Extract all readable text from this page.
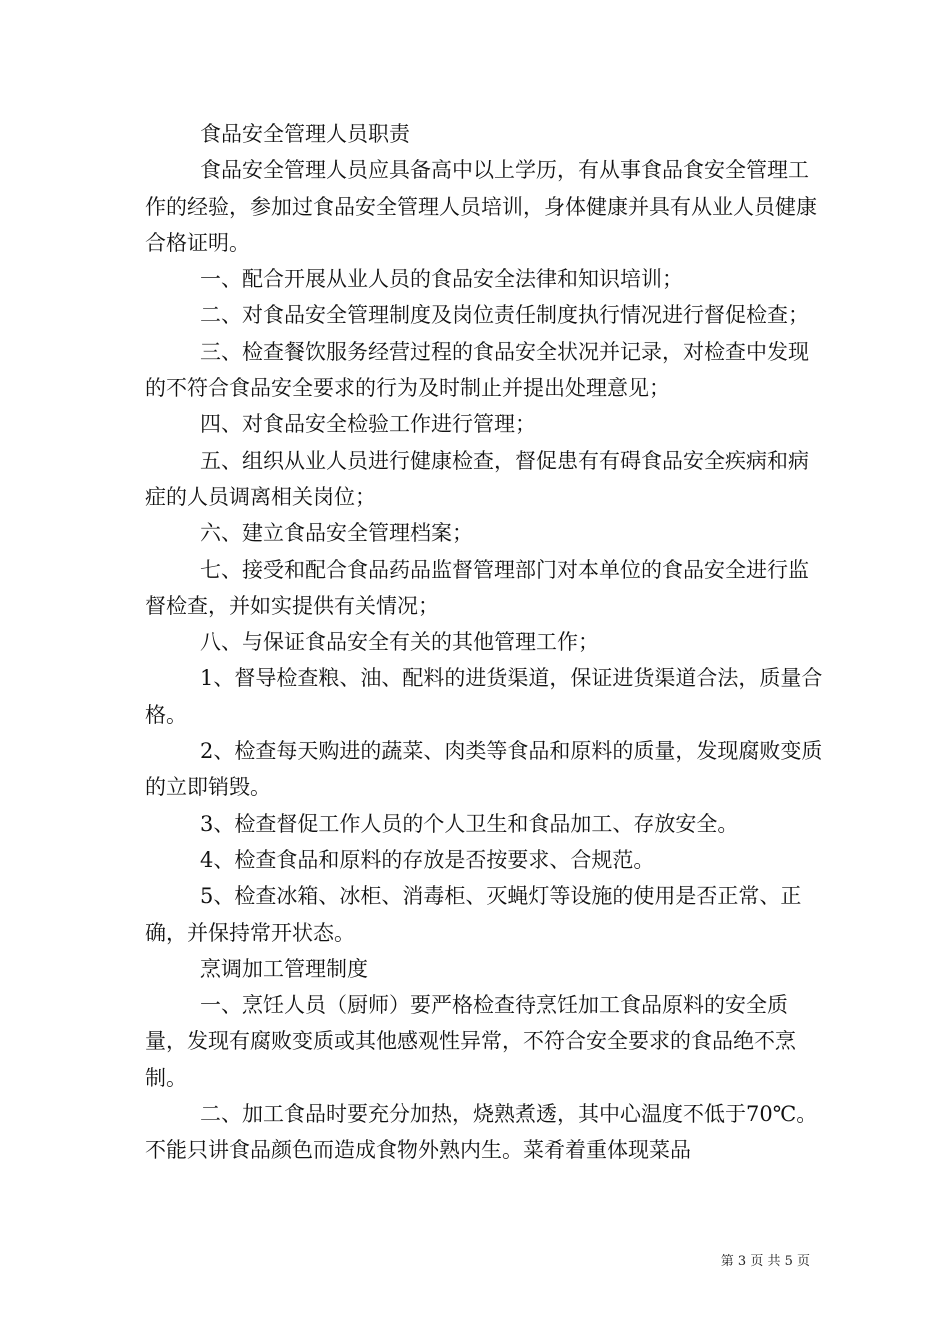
食品安全管理人员职责

食品安全管理人员应具备高中以上学历，有从事食品食安全管理工作的经验，参加过食品安全管理人员培训，身体健康并具有从业人员健康合格证明。

一、配合开展从业人员的食品安全法律和知识培训；

二、对食品安全管理制度及岗位责任制度执行情况进行督促检查；

三、检查餐饮服务经营过程的食品安全状况并记录，对检查中发现的不符合食品安全要求的行为及时制止并提出处理意见；

四、对食品安全检验工作进行管理；

五、组织从业人员进行健康检查，督促患有有碍食品安全疾病和病症的人员调离相关岗位；

六、建立食品安全管理档案；

七、接受和配合食品药品监督管理部门对本单位的食品安全进行监督检查，并如实提供有关情况；

八、与保证食品安全有关的其他管理工作；

1、督导检查粮、油、配料的进货渠道，保证进货渠道合法，质量合格。

2、检查每天购进的蔬菜、肉类等食品和原料的质量，发现腐败变质的立即销毁。

3、检查督促工作人员的个人卫生和食品加工、存放安全。

4、检查食品和原料的存放是否按要求、合规范。

5、检查冰箱、冰柜、消毒柜、灭蝇灯等设施的使用是否正常、正确，并保持常开状态。

烹调加工管理制度

一、烹饪人员（厨师）要严格检查待烹饪加工食品原料的安全质量，发现有腐败变质或其他感观性异常，不符合安全要求的食品绝不烹制。

二、加工食品时要充分加热，烧熟煮透，其中心温度不低于70℃。不能只讲食品颜色而造成食物外熟内生。菜肴着重体现菜品

第 3 页 共 5 页
